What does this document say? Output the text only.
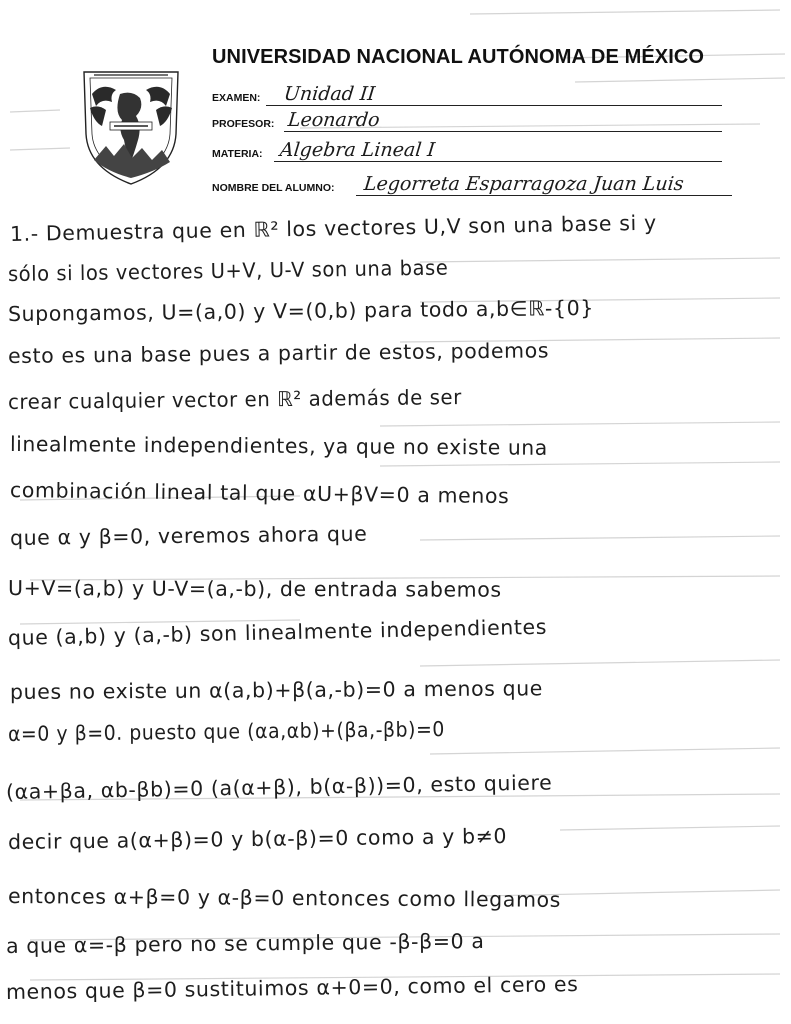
UNIVERSIDAD NACIONAL AUTÓNOMA DE MÉXICO
EXAMEN: Unidad II
PROFESOR: Leonardo
MATERIA: Algebra Lineal I
NOMBRE DEL ALUMNO: Legorreta Esparragoza Juan Luis
1.- Demuestra que en ℝ² los vectores U,V son una base si y
sólo si los vectores U+V, U-V son una base
Supongamos, U=(a,0) y V=(0,b) para todo a,b∈ℝ-{0}
esto es una base pues a partir de estos, podemos
crear cualquier vector en ℝ² además de ser
linealmente independientes, ya que no existe una
combinación lineal tal que αU+βV=0 a menos
que α y β=0, veremos ahora que
U+V=(a,b) y U-V=(a,-b), de entrada sabemos
que (a,b) y (a,-b) son linealmente independientes
pues no existe un α(a,b)+β(a,-b)=0 a menos que
α=0 y β=0. puesto que (αa,αb)+(βa,-βb)=0
(αa+βa, αb-βb)=0 (a(α+β), b(α-β))=0, esto quiere
decir que a(α+β)=0 y b(α-β)=0 como a y b≠0
entonces α+β=0 y α-β=0 entonces como llegamos
a que α=-β pero no se cumple que -β-β=0 a
menos que β=0 sustituimos α+0=0, como el cero es
